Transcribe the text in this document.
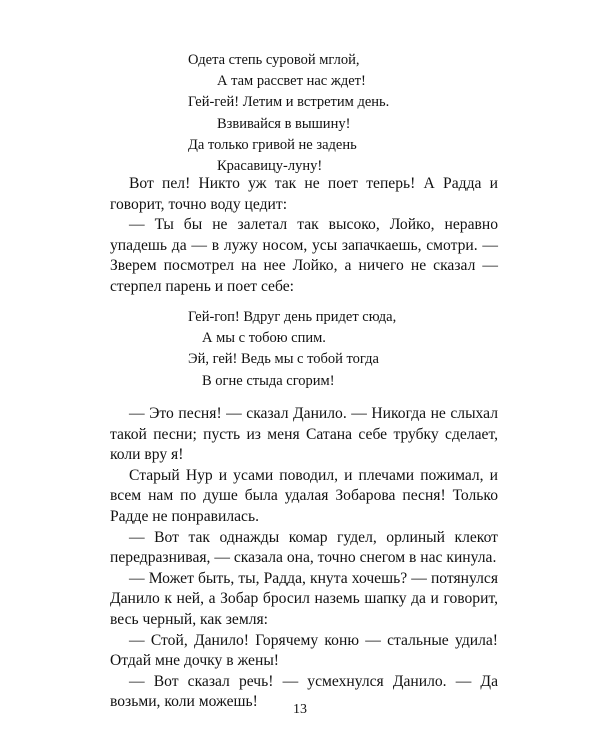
Одета степь суровой мглой,
А там рассвет нас ждет!
Гей-гей! Летим и встретим день.
Взвивайся в вышину!
Да только гривой не задень
Красавицу-луну!

Вот пел! Никто уж так не поет теперь! А Радда и говорит, точно воду цедит:

— Ты бы не залетал так высоко, Лойко, неравно упадешь да — в лужу носом, усы запачкаешь, смотри. — Зверем посмотрел на нее Лойко, а ничего не сказал — стерпел парень и поет себе:

Гей-гоп! Вдруг день придет сюда,
А мы с тобою спим.
Эй, гей! Ведь мы с тобой тогда
В огне стыда сгорим!

— Это песня! — сказал Данило. — Никогда не слыхал такой песни; пусть из меня Сатана себе трубку сделает, коли вру я!

Старый Нур и усами поводил, и плечами пожимал, и всем нам по душе была удалая Зобарова песня! Только Радде не понравилась.

— Вот так однажды комар гудел, орлиный клекот передразнивая, — сказала она, точно снегом в нас кинула.

— Может быть, ты, Радда, кнута хочешь? — потянулся Данило к ней, а Зобар бросил наземь шапку да и говорит, весь черный, как земля:

— Стой, Данило! Горячему коню — стальные удила! Отдай мне дочку в жены!

— Вот сказал речь! — усмехнулся Данило. — Да возьми, коли можешь!	13
